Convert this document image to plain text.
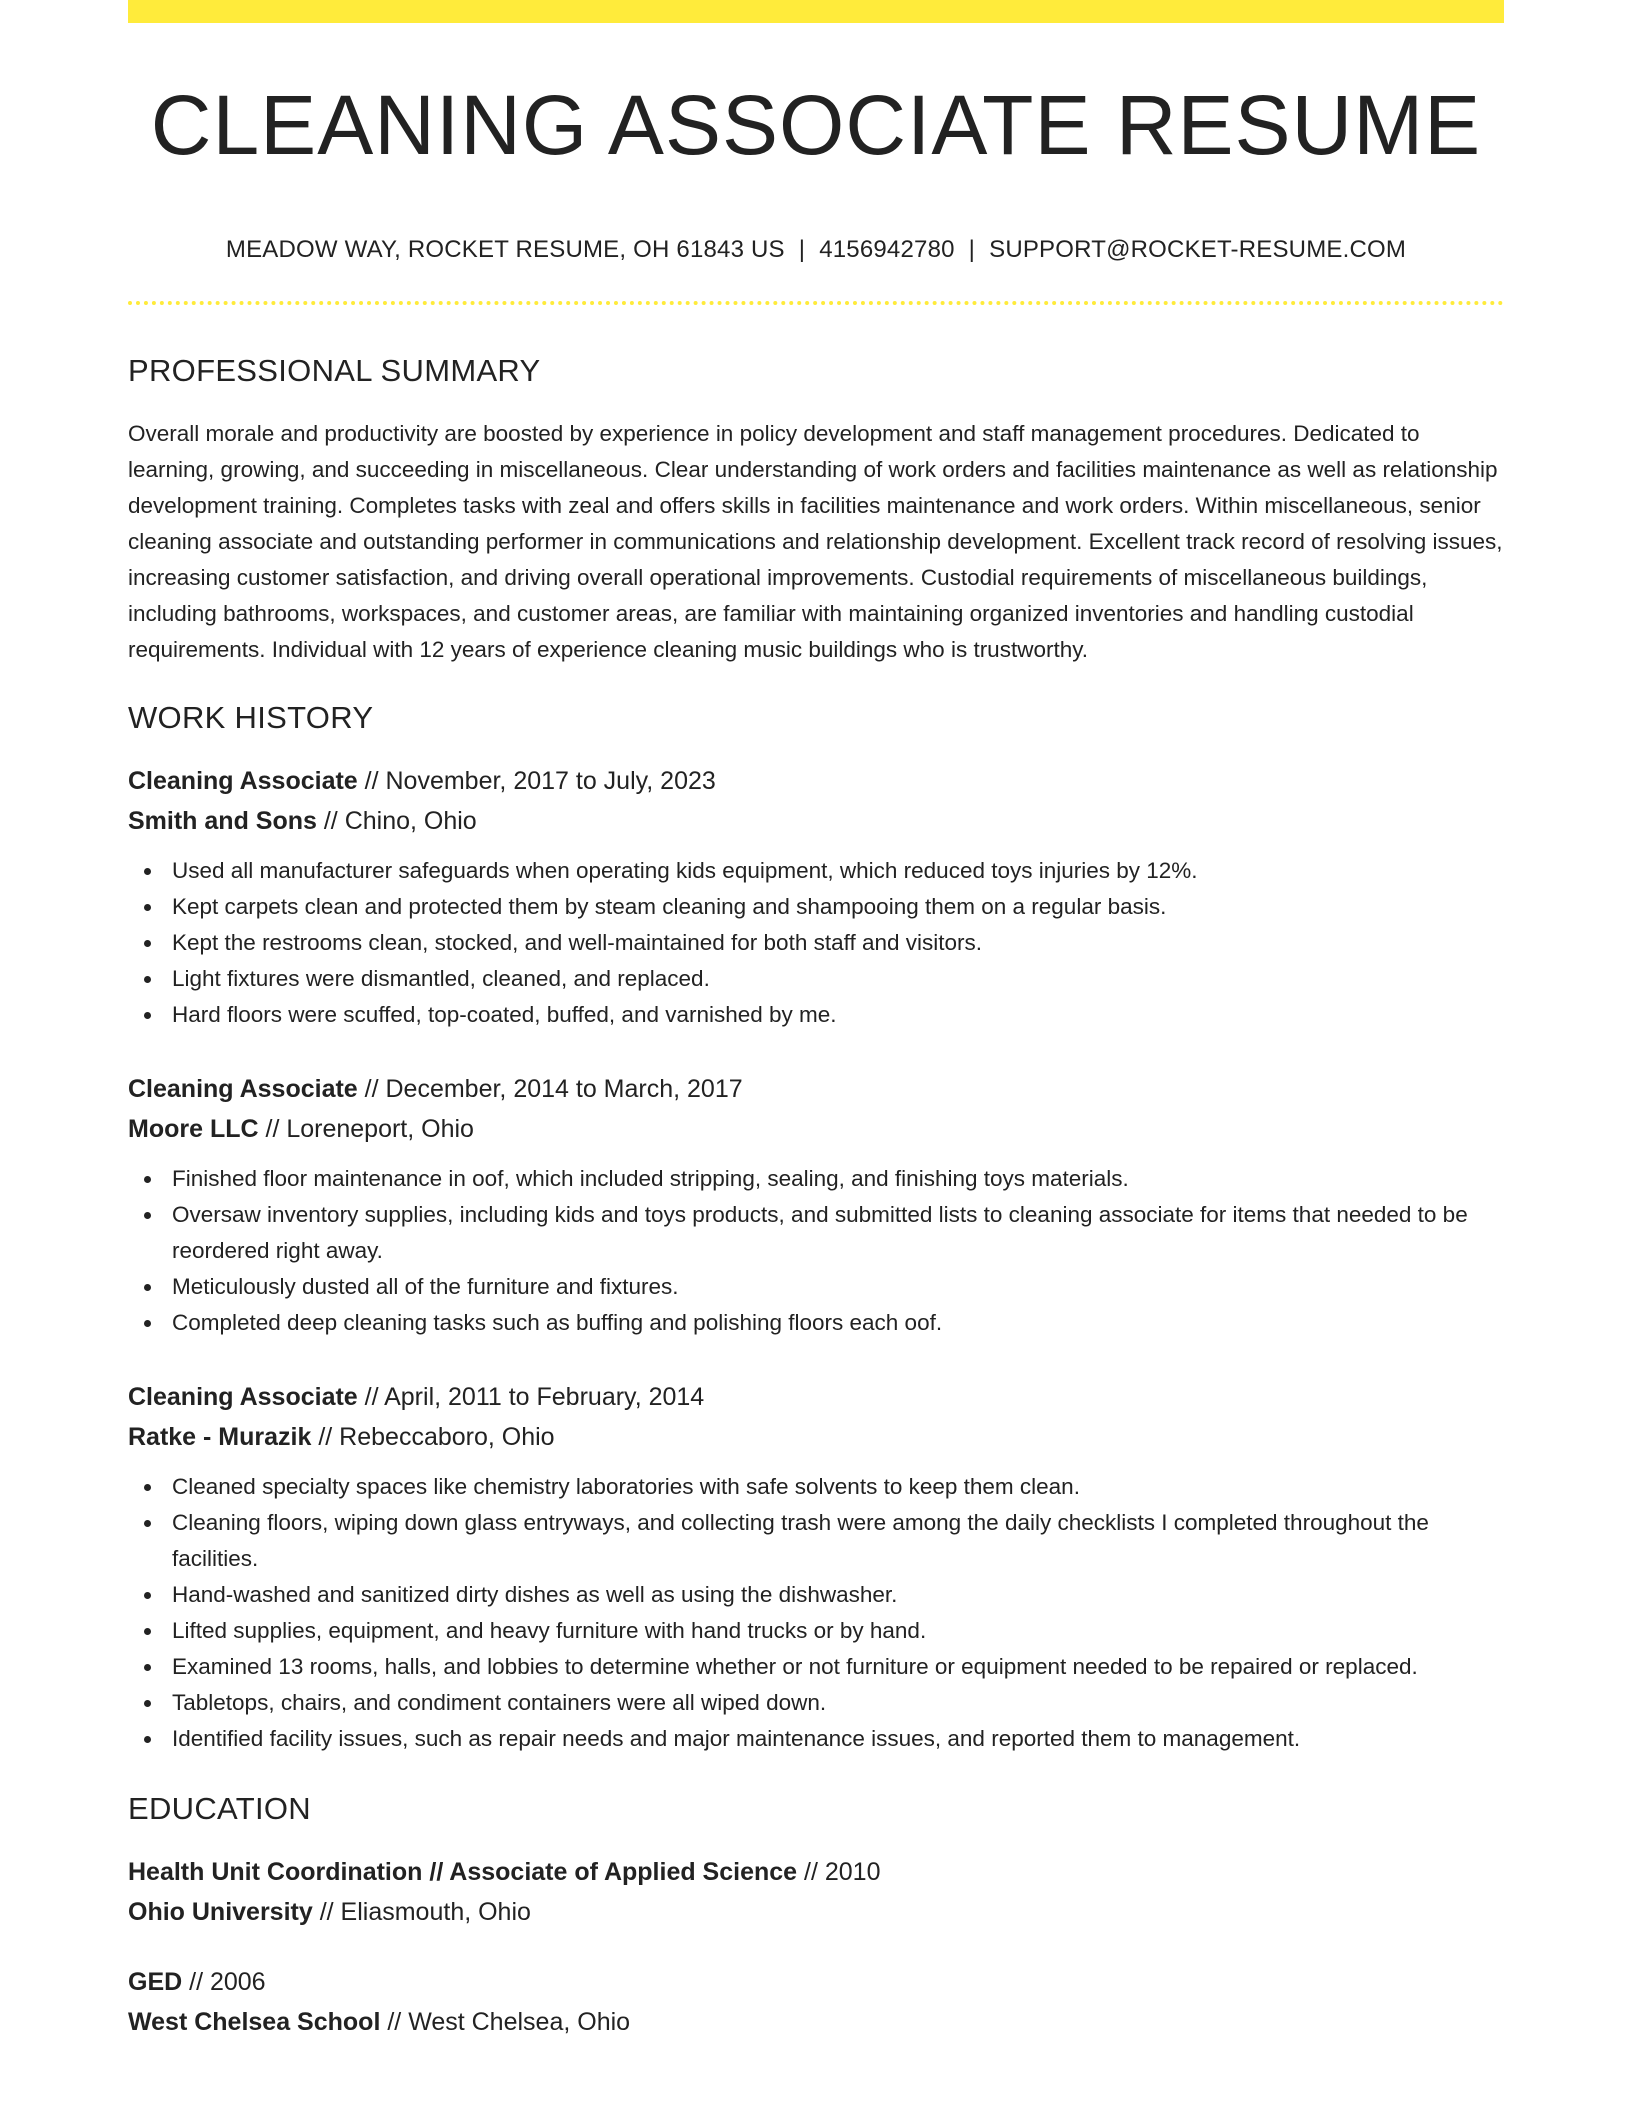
CLEANING ASSOCIATE RESUME
MEADOW WAY, ROCKET RESUME, OH 61843 US | 4156942780 | SUPPORT@ROCKET-RESUME.COM
PROFESSIONAL SUMMARY

Overall morale and productivity are boosted by experience in policy development and staff management procedures. Dedicated to learning, growing, and succeeding in miscellaneous. Clear understanding of work orders and facilities maintenance as well as relationship development training. Completes tasks with zeal and offers skills in facilities maintenance and work orders. Within miscellaneous, senior cleaning associate and outstanding performer in communications and relationship development. Excellent track record of resolving issues, increasing customer satisfaction, and driving overall operational improvements. Custodial requirements of miscellaneous buildings, including bathrooms, workspaces, and customer areas, are familiar with maintaining organized inventories and handling custodial requirements. Individual with 12 years of experience cleaning music buildings who is trustworthy.

WORK HISTORY
Cleaning Associate // November, 2017 to July, 2023
Smith and Sons // Chino, Ohio
Used all manufacturer safeguards when operating kids equipment, which reduced toys injuries by 12%.
Kept carpets clean and protected them by steam cleaning and shampooing them on a regular basis.
Kept the restrooms clean, stocked, and well-maintained for both staff and visitors.
Light fixtures were dismantled, cleaned, and replaced.
Hard floors were scuffed, top-coated, buffed, and varnished by me.
Cleaning Associate // December, 2014 to March, 2017
Moore LLC // Loreneport, Ohio
Finished floor maintenance in oof, which included stripping, sealing, and finishing toys materials.
Oversaw inventory supplies, including kids and toys products, and submitted lists to cleaning associate for items that needed to be reordered right away.
Meticulously dusted all of the furniture and fixtures.
Completed deep cleaning tasks such as buffing and polishing floors each oof.
Cleaning Associate // April, 2011 to February, 2014
Ratke - Murazik // Rebeccaboro, Ohio
Cleaned specialty spaces like chemistry laboratories with safe solvents to keep them clean.
Cleaning floors, wiping down glass entryways, and collecting trash were among the daily checklists I completed throughout the facilities.
Hand-washed and sanitized dirty dishes as well as using the dishwasher.
Lifted supplies, equipment, and heavy furniture with hand trucks or by hand.
Examined 13 rooms, halls, and lobbies to determine whether or not furniture or equipment needed to be repaired or replaced.
Tabletops, chairs, and condiment containers were all wiped down.
Identified facility issues, such as repair needs and major maintenance issues, and reported them to management.
EDUCATION
Health Unit Coordination // Associate of Applied Science // 2010
Ohio University // Eliasmouth, Ohio
GED // 2006
West Chelsea School // West Chelsea, Ohio
